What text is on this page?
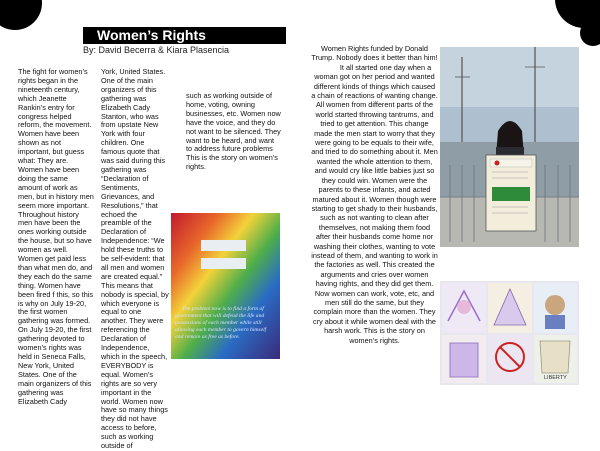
Women’s Rights
By: David Becerra & Kiara Plasencia

The fight for women’s rights began in the nineteenth century, which Jeanette Rankin’s entry for congress helped reform, the movement. Women have been shown as not important, but guess what: They are. Women have been doing the same amount of work as men, but in history men seem more important. Throughout history men have been the ones working outside the house, but so have women as well. Women get paid less than what men do, and they each do the same thing. Women have been fired f this, so this is why on July 19-20, the first women gathering was formed.

On July 19-20, the first gathering devoted to women’s rights was held in Seneca Falls, New York, United States. One of the main organizers of this gathering was Elizabeth Cady

York, United States. One of the main organizers of this gathering was Elizabeth Cady Stanton, who was from upstate New York with four children. One famous quote that was said during this gathering was “Declaration of Sentiments, Grievances, and Resolutions,” that echoed the preamble of the Declaration of Independence: “We hold these truths to be self-evident: that all men and women are created equal.” This means that nobody is special, by which everyone is equal to one another. They were referencing the Declaration of Independence, which in the speech, EVERYBODY is equal. Women’s rights are so very important in the world. Women now have so many things they did not have access to before, such as working outside of

such as working outside of home, voting, owning businesses, etc. Women now have the voice, and they do not want to be silenced. They want to be heard, and want to address future problems This is the story on women’s rights.

The problem now is to find a form of
government that will defend the life and
possessions of each member while still
allowing each member to govern himself
and remain as free as before.

Women Rights funded by Donald Trump. Nobody does it better than him!

It all started one day when a woman got on her period and wanted different kinds of things which caused a chain of reactions of wanting change. All women from different parts of the world started throwing tantrums, and tried to get attention. This change made the men start to worry that they were going to be equals to their wife, and tried to do something about it. Men wanted the whole attention to them, and would cry like little babies just so they could win. Women were the parents to these infants, and acted matured about it. Women though were starting to get shady to their husbands, such as not wanting to clean after themselves, not making them food after their husbands come home nor washing their clothes, wanting to vote instead of them, and wanting to work in the factories as well. This created the arguments and cries over women having rights, and they did get them. Now women can work, vote, etc, and men still do the same, but they complain more than the women. They cry about it while women deal with the harsh work. This is the story on women’s rights.

LIBERTY
